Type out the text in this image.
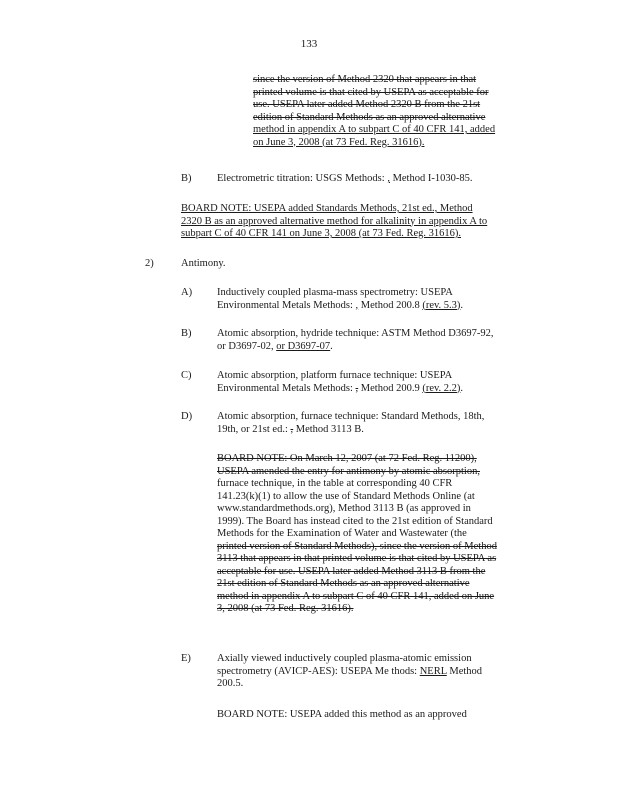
133
since the version of Method 2320 that appears in that
printed volume is that cited by USEPA as acceptable for
use. USEPA later added Method 2320 B from the 21st
edition of Standard Methods as an approved alternative
method in appendix A to subpart C of 40 CFR 141, added
on June 3, 2008 (at 73 Fed. Reg. 31616).
B) Electrometric titration: USGS Methods: , Method I-1030-85.
BOARD NOTE: USEPA added Standards Methods, 21st ed., Method
2320 B as an approved alternative method for alkalinity in appendix A to
subpart C of 40 CFR 141 on June 3, 2008 (at 73 Fed. Reg. 31616).
2)	Antimony.
A) Inductively coupled plasma-mass spectrometry: USEPA
Environmental Metals Methods: , Method 200.8 (rev. 5.3).
B) Atomic absorption, hydride technique: ASTM Method D3697-92,
or D3697-02, or D3697-07.
C) Atomic absorption, platform furnace technique: USEPA
Environmental Metals Methods: , Method 200.9 (rev. 2.2).
D) Atomic absorption, furnace technique: Standard Methods, 18th,
19th, or 21st ed.: , Method 3113 B.
BOARD NOTE: On March 12, 2007 (at 72 Fed. Reg. 11200),
USEPA amended the entry for antimony by atomic absorption,
furnace technique, in the table at corresponding 40 CFR
141.23(k)(1) to allow the use of Standard Methods Online (at
www.standardmethods.org), Method 3113 B (as approved in
1999). The Board has instead cited to the 21st edition of Standard
Methods for the Examination of Water and Wastewater (the
printed version of Standard Methods), since the version of Method
3113 that appears in that printed volume is that cited by USEPA as
acceptable for use. USEPA later added Method 3113 B from the
21st edition of Standard Methods as an approved alternative
method in appendix A to subpart C of 40 CFR 141, added on June
3, 2008 (at 73 Fed. Reg. 31616).
E) Axially viewed inductively coupled plasma-atomic emission
spectrometry (AVICP-AES): USEPA Me thods: NERL Method
200.5.
BOARD NOTE: USEPA added this method as an approved
